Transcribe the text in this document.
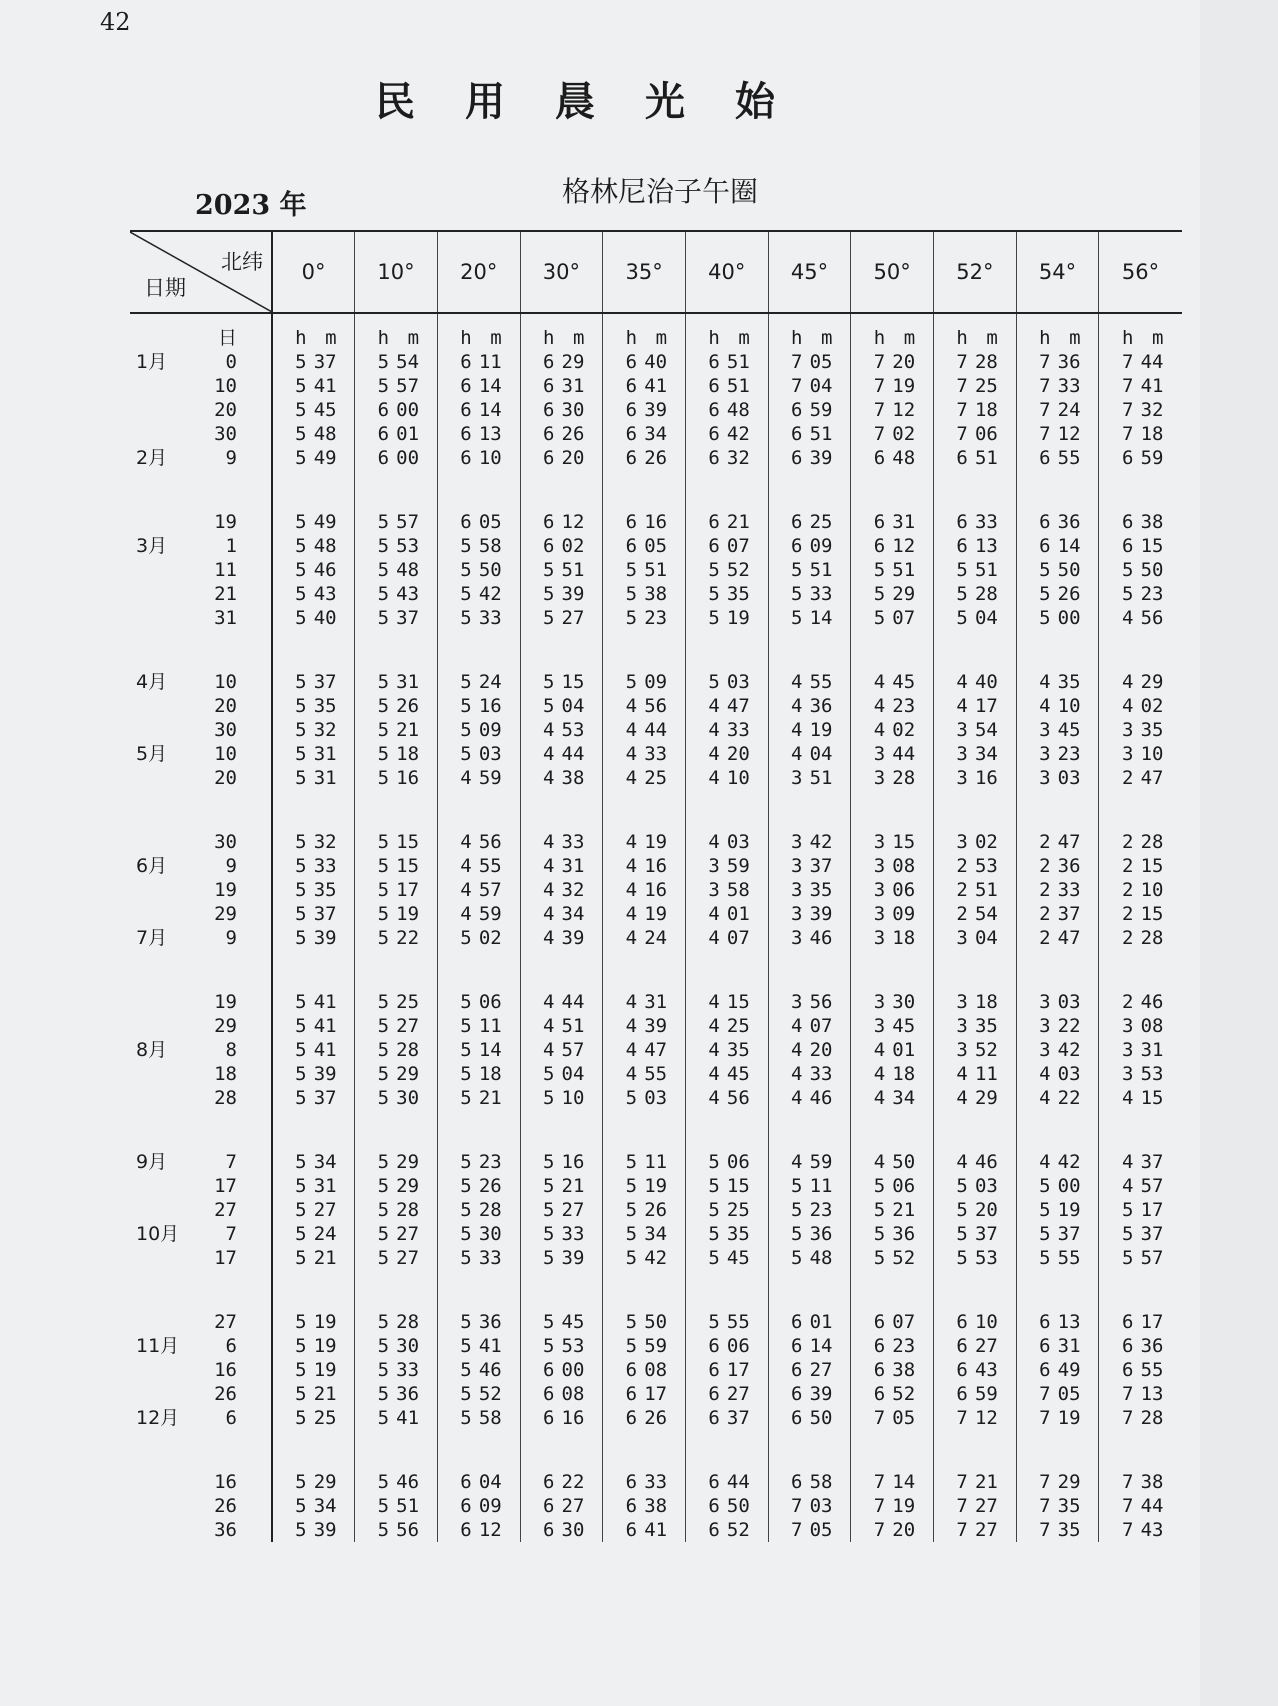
42
民用晨光始
2023 年	格林尼治子午圈
北纬
日期		0°	10°	20°	30°	35°	40°	45°	50°	52°	54°	56°
	日	h m	h m	h m	h m	h m	h m	h m	h m	h m	h m	h m
1月	0	5 37	5 54	6 11	6 29	6 40	6 51	7 05	7 20	7 28	7 36	7 44
	10	5 41	5 57	6 14	6 31	6 41	6 51	7 04	7 19	7 25	7 33	7 41
	20	5 45	6 00	6 14	6 30	6 39	6 48	6 59	7 12	7 18	7 24	7 32
	30	5 48	6 01	6 13	6 26	6 34	6 42	6 51	7 02	7 06	7 12	7 18
2月	9	5 49	6 00	6 10	6 20	6 26	6 32	6 39	6 48	6 51	6 55	6 59

	19	5 49	5 57	6 05	6 12	6 16	6 21	6 25	6 31	6 33	6 36	6 38
3月	1	5 48	5 53	5 58	6 02	6 05	6 07	6 09	6 12	6 13	6 14	6 15
	11	5 46	5 48	5 50	5 51	5 51	5 52	5 51	5 51	5 51	5 50	5 50
	21	5 43	5 43	5 42	5 39	5 38	5 35	5 33	5 29	5 28	5 26	5 23
	31	5 40	5 37	5 33	5 27	5 23	5 19	5 14	5 07	5 04	5 00	4 56

4月	10	5 37	5 31	5 24	5 15	5 09	5 03	4 55	4 45	4 40	4 35	4 29
	20	5 35	5 26	5 16	5 04	4 56	4 47	4 36	4 23	4 17	4 10	4 02
	30	5 32	5 21	5 09	4 53	4 44	4 33	4 19	4 02	3 54	3 45	3 35
5月	10	5 31	5 18	5 03	4 44	4 33	4 20	4 04	3 44	3 34	3 23	3 10
	20	5 31	5 16	4 59	4 38	4 25	4 10	3 51	3 28	3 16	3 03	2 47

	30	5 32	5 15	4 56	4 33	4 19	4 03	3 42	3 15	3 02	2 47	2 28
6月	9	5 33	5 15	4 55	4 31	4 16	3 59	3 37	3 08	2 53	2 36	2 15
	19	5 35	5 17	4 57	4 32	4 16	3 58	3 35	3 06	2 51	2 33	2 10
	29	5 37	5 19	4 59	4 34	4 19	4 01	3 39	3 09	2 54	2 37	2 15
7月	9	5 39	5 22	5 02	4 39	4 24	4 07	3 46	3 18	3 04	2 47	2 28

	19	5 41	5 25	5 06	4 44	4 31	4 15	3 56	3 30	3 18	3 03	2 46
	29	5 41	5 27	5 11	4 51	4 39	4 25	4 07	3 45	3 35	3 22	3 08
8月	8	5 41	5 28	5 14	4 57	4 47	4 35	4 20	4 01	3 52	3 42	3 31
	18	5 39	5 29	5 18	5 04	4 55	4 45	4 33	4 18	4 11	4 03	3 53
	28	5 37	5 30	5 21	5 10	5 03	4 56	4 46	4 34	4 29	4 22	4 15

9月	7	5 34	5 29	5 23	5 16	5 11	5 06	4 59	4 50	4 46	4 42	4 37
	17	5 31	5 29	5 26	5 21	5 19	5 15	5 11	5 06	5 03	5 00	4 57
	27	5 27	5 28	5 28	5 27	5 26	5 25	5 23	5 21	5 20	5 19	5 17
10月	7	5 24	5 27	5 30	5 33	5 34	5 35	5 36	5 36	5 37	5 37	5 37
	17	5 21	5 27	5 33	5 39	5 42	5 45	5 48	5 52	5 53	5 55	5 57

	27	5 19	5 28	5 36	5 45	5 50	5 55	6 01	6 07	6 10	6 13	6 17
11月	6	5 19	5 30	5 41	5 53	5 59	6 06	6 14	6 23	6 27	6 31	6 36
	16	5 19	5 33	5 46	6 00	6 08	6 17	6 27	6 38	6 43	6 49	6 55
	26	5 21	5 36	5 52	6 08	6 17	6 27	6 39	6 52	6 59	7 05	7 13
12月	6	5 25	5 41	5 58	6 16	6 26	6 37	6 50	7 05	7 12	7 19	7 28

	16	5 29	5 46	6 04	6 22	6 33	6 44	6 58	7 14	7 21	7 29	7 38
	26	5 34	5 51	6 09	6 27	6 38	6 50	7 03	7 19	7 27	7 35	7 44
	36	5 39	5 56	6 12	6 30	6 41	6 52	7 05	7 20	7 27	7 35	7 43
